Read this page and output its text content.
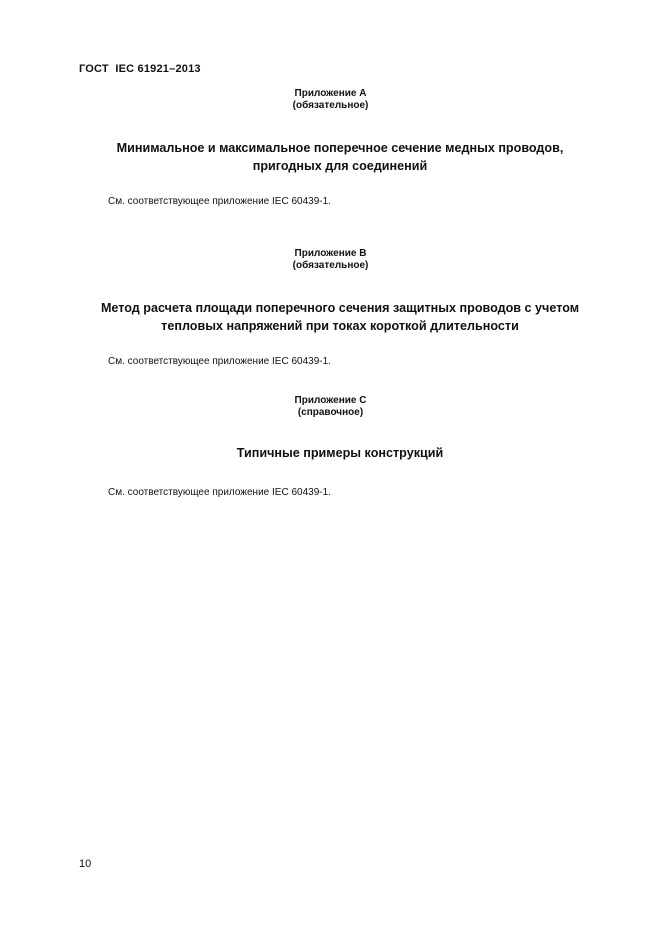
ГОСТ  IEC 61921–2013
Приложение А
(обязательное)
Минимальное и максимальное поперечное сечение медных проводов,
пригодных для соединений
См. соответствующее приложение IEC 60439-1.
Приложение В
(обязательное)
Метод расчета площади поперечного сечения защитных проводов с учетом
тепловых напряжений при токах короткой длительности
См. соответствующее приложение IEC 60439-1.
Приложение С
(справочное)
Типичные примеры конструкций
См. соответствующее приложение IEC 60439-1.
10
